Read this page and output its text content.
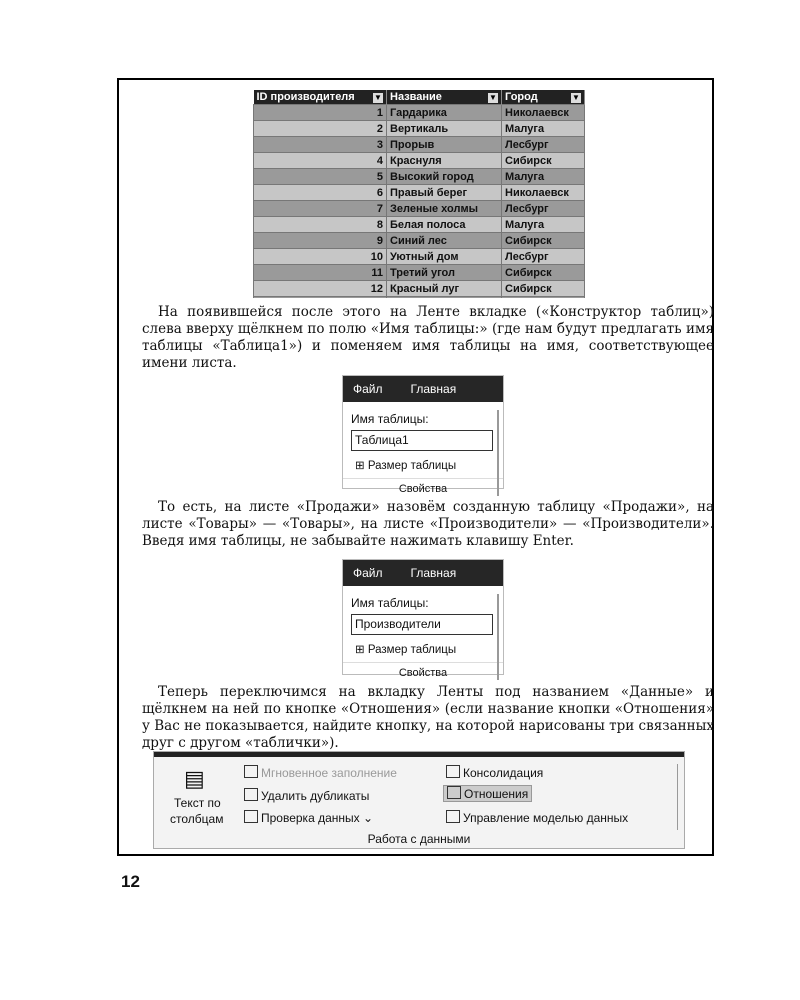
ID производителя ▼	Название ▼	Город ▼

1	Гардарика	Николаевск
2	Вертикаль	Малуга
3	Прорыв	Лесбург
4	Краснуля	Сибирск
5	Высокий город	Малуга
6	Правый берег	Николаевск
7	Зеленые холмы	Лесбург
8	Белая полоса	Малуга
9	Синий лес	Сибирск
10	Уютный дом	Лесбург
11	Третий угол	Сибирск
12	Красный луг	Сибирск

На появившейся после этого на Ленте вкладке («Конструктор таблиц») слева вверху щёлкнем по полю «Имя таблицы:» (где нам будут предлагать имя таблицы «Таблица1») и поменяем имя таблицы на имя, соответствующее имени листа.

Файл Главная
Имя таблицы:
Таблица1
⊞ Размер таблицы
Свойства

То есть, на листе «Продажи» назовём созданную таблицу «Продажи», на листе «Товары» — «Товары», на листе «Производители» — «Производители». Введя имя таблицы, не забывайте нажимать клавишу Enter.

Файл Главная
Имя таблицы:
Производители
⊞ Размер таблицы
Свойства

Теперь переключимся на вкладку Ленты под названием «Данные» и щёлкнем на ней по кнопке «Отношения» (если название кнопки «Отношения» у Вас не показывается, найдите кнопку, на которой нарисованы три связанных друг с другом «таблички»).

▤
Текст по
столбцам
Мгновенное заполнение
Удалить дубликаты
Проверка данных ⌄
Консолидация
Отношения
Управление моделью данных
Работа с данными
12
